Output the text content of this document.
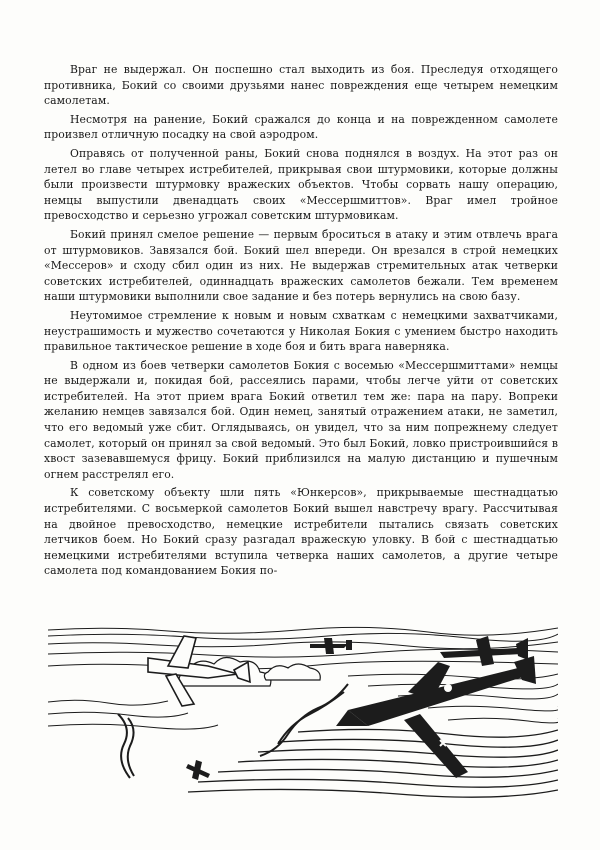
Враг не выдержал. Он поспешно стал выходить из боя. Преследуя отходящего противника, Бокий со своими друзьями нанес повреждения еще четырем немецким самолетам.

Несмотря на ранение, Бокий сражался до конца и на поврежденном самолете произвел отличную посадку на свой аэродром.

Оправясь от полученной раны, Бокий снова поднялся в воздух. На этот раз он летел во главе четырех истребителей, прикрывая свои штурмовики, которые должны были произвести штурмовку вражеских объектов. Чтобы сорвать нашу операцию, немцы выпустили двенадцать своих «Мессершмиттов». Враг имел тройное превосходство и серьезно угрожал советским штурмовикам.

Бокий принял смелое решение — первым броситься в атаку и этим отвлечь врага от штурмовиков. Завязался бой. Бокий шел впереди. Он врезался в строй немецких «Мессеров» и сходу сбил один из них. Не выдержав стремительных атак четверки советских истребителей, одиннадцать вражеских самолетов бежали. Тем временем наши штурмовики выполнили свое задание и без потерь вернулись на свою базу.

Неутомимое стремление к новым и новым схваткам с немецкими захватчиками, неустрашимость и мужество сочетаются у Николая Бокия с умением быстро находить правильное тактическое решение в ходе боя и бить врага наверняка.

В одном из боев четверки самолетов Бокия с восемью «Мессершмиттами» немцы не выдержали и, покидая бой, рассеялись парами, чтобы легче уйти от советских истребителей. На этот прием врага Бокий ответил тем же: пара на пару. Вопреки желанию немцев завязался бой. Один немец, занятый отражением атаки, не заметил, что его ведомый уже сбит. Оглядываясь, он увидел, что за ним попрежнему следует самолет, который он принял за свой ведомый. Это был Бокий, ловко пристроившийся в хвост зазевавшемуся фрицу. Бокий приблизился на малую дистанцию и пушечным огнем расстрелял его.

К советскому объекту шли пять «Юнкерсов», прикрываемые шестнадцатью истребителями. С восьмеркой самолетов Бокий вышел навстречу врагу. Рассчитывая на двойное превосходство, немецкие истребители пытались связать советских летчиков боем. Но Бокий сразу разгадал вражескую уловку. В бой с шестнадцатью немецкими истребителями вступила четверка наших самолетов, а другие четыре самолета под командованием Бокия по-
